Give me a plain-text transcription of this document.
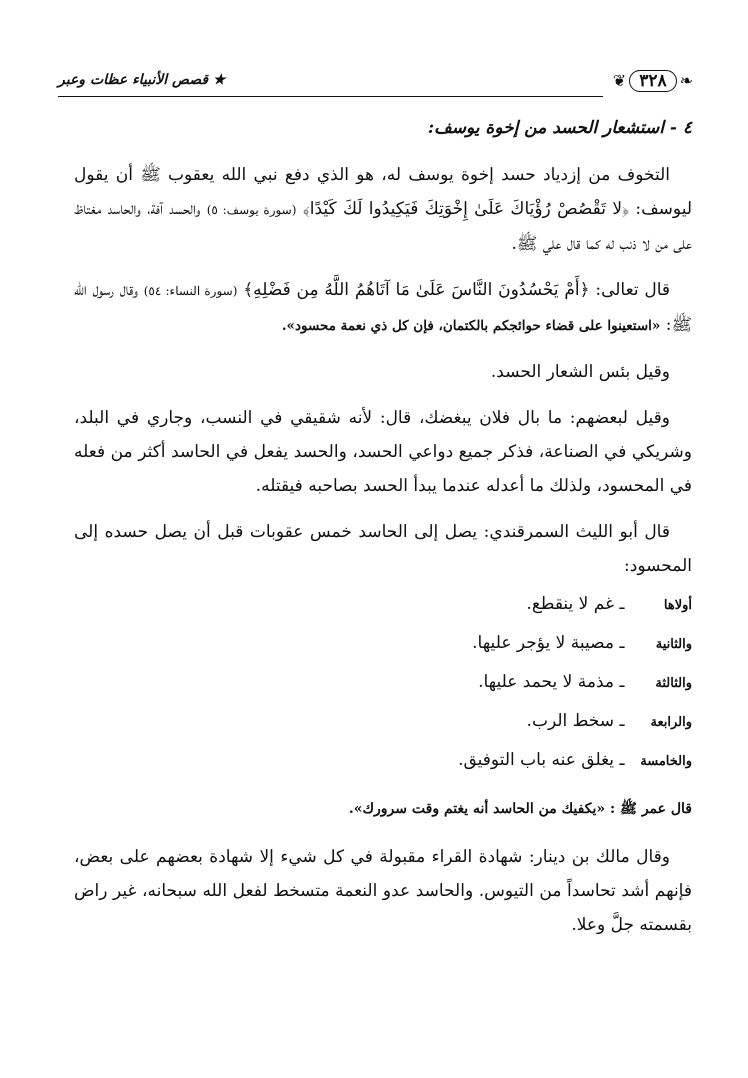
❦ ٣٢٨ ❧
★ قصص الأنبياء عظات وعبر
٤ - استشعار الحسد من إخوة يوسف:

التخوف من إزدياد حسد إخوة يوسف له، هو الذي دفع نبي الله يعقوب ﷺ أن يقول ليوسف: ﴿لا تَقْصُصْ رُؤْيَاكَ عَلَىٰ إِخْوَتِكَ فَيَكِيدُوا لَكَ كَيْدًا﴾ (سورة يوسف: ٥) والحسد آفة، والحاسد مغتاظ على من لا ذنب له كما قال علي ﷺ.

قال تعالى: ﴿أَمْ يَحْسُدُونَ النَّاسَ عَلَىٰ مَا آتَاهُمُ اللَّهُ مِن فَضْلِهِ﴾ (سورة النساء: ٥٤) وقال رسول الله ﷺ: «استعينوا على قضاء حوائجكم بالكتمان، فإن كل ذي نعمة محسود».

وقيل بئس الشعار الحسد.

وقيل لبعضهم: ما بال فلان يبغضك، قال: لأنه شقيقي في النسب، وجاري في البلد، وشريكي في الصناعة، فذكر جميع دواعي الحسد، والحسد يفعل في الحاسد أكثر من فعله في المحسود، ولذلك ما أعدله عندما يبدأ الحسد بصاحبه فيقتله.

قال أبو الليث السمرقندي: يصل إلى الحاسد خمس عقوبات قبل أن يصل حسده إلى المحسود:

أولاها
ـ
غم لا ينقطع.
والثانية
ـ
مصيبة لا يؤجر عليها.
والثالثة
ـ
مذمة لا يحمد عليها.
والرابعة
ـ
سخط الرب.
والخامسة
ـ
يغلق عنه باب التوفيق.

قال عمر ﷺ : «يكفيك من الحاسد أنه يغتم وقت سرورك».

وقال مالك بن دينار: شهادة القراء مقبولة في كل شيء إلا شهادة بعضهم على بعض، فإنهم أشد تحاسداً من التيوس. والحاسد عدو النعمة متسخط لفعل الله سبحانه، غير راض بقسمته جلَّ وعلا.
